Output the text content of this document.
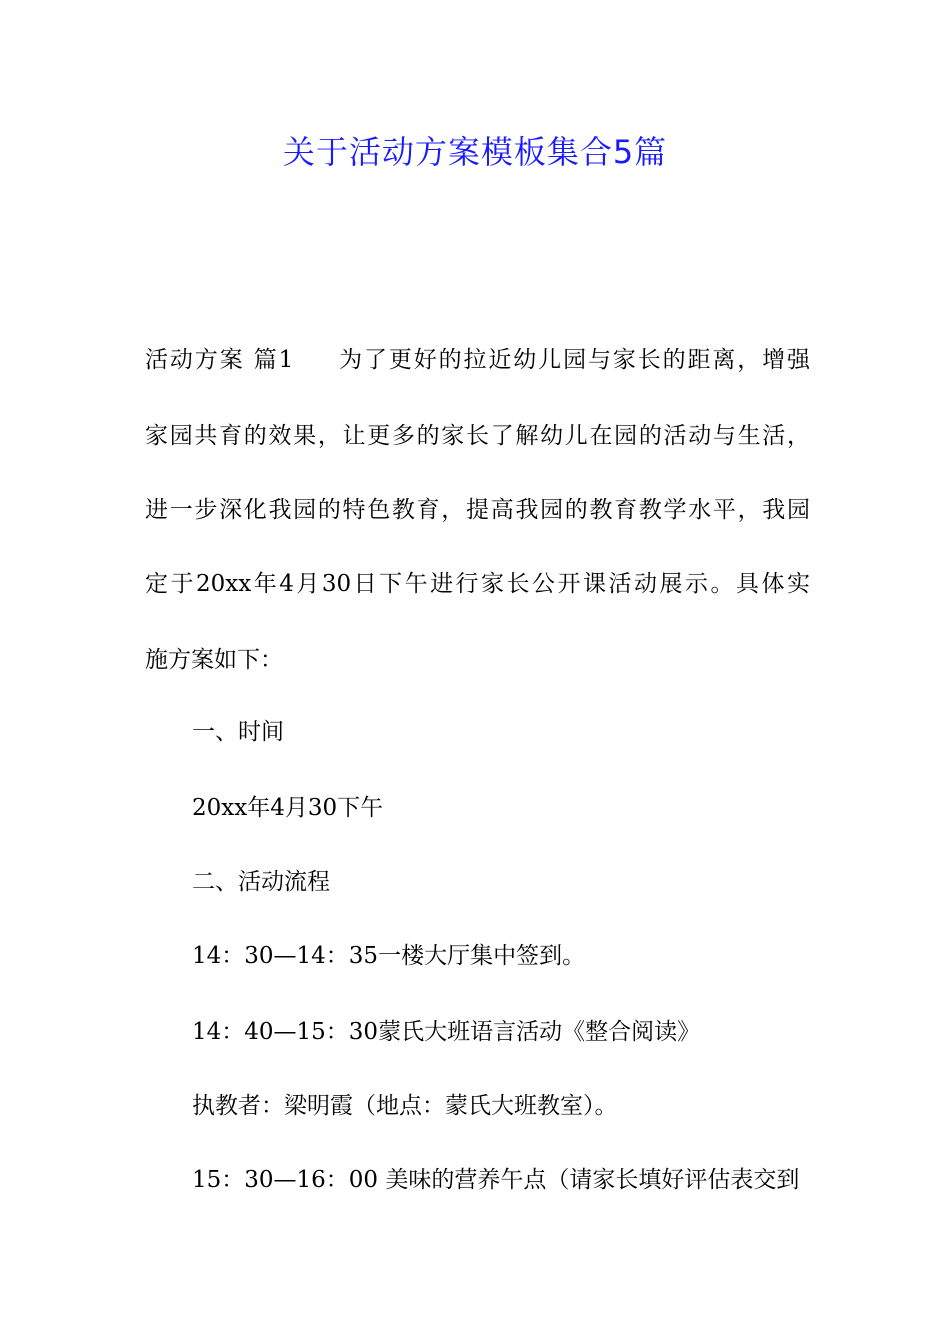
关于活动方案模板集合5篇
活动方案 篇1 为了更好的拉近幼儿园与家长的距离，增强
家园共育的效果，让更多的家长了解幼儿在园的活动与生活，
进一步深化我园的特色教育，提高我园的教育教学水平，我园
定于20xx年4月30日下午进行家长公开课活动展示。具体实
施方案如下：
一、时间
20xx年4月30下午
二、活动流程
14：30—14：35一楼大厅集中签到。
14：40—15：30蒙氏大班语言活动《整合阅读》
执教者：梁明霞（地点：蒙氏大班教室）。
15：30—16：00 美味的营养午点（请家长填好评估表交到
